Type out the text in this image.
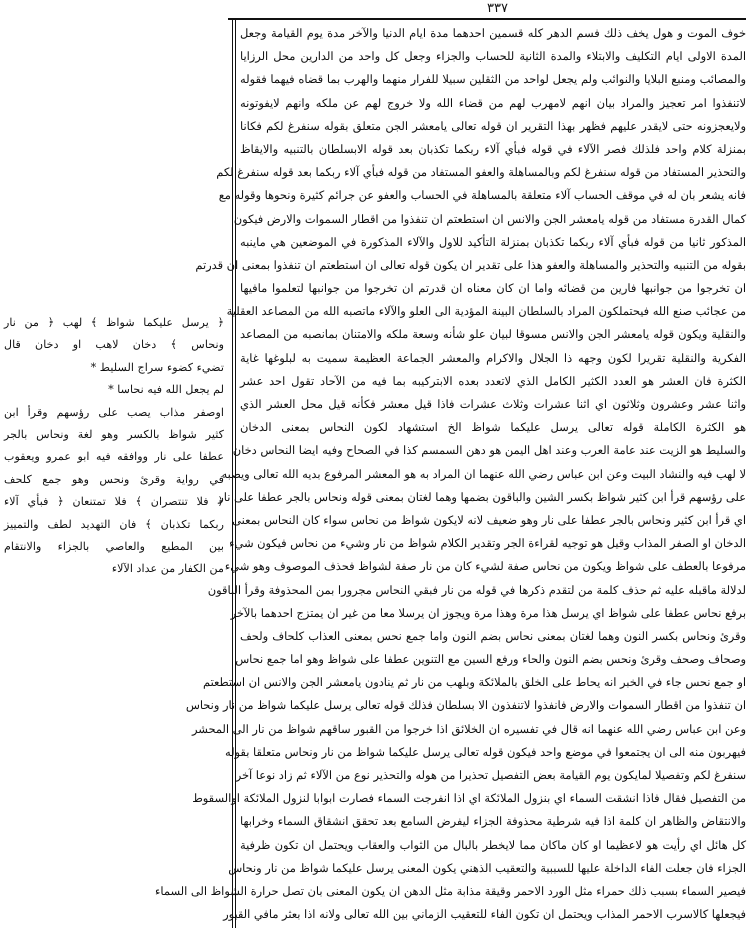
٣٣٧

خوف الموت و هول يخف ذلك فسم الدهر كله قسمين احدهما مدة ايام الدنيا والآخر مدة يوم القيامة وجعل

المدة الاولى ايام التكليف والابتلاء والمدة الثانية للحساب والجزاء وجعل كل واحد من الدارين محل الرزايا

والمصائب ومنبع البلايا والنوائب ولم يجعل لواحد من الثقلين سبيلا للفرار منهما والهرب بما قضاه فيهما فقوله

لاتنفذوا امر تعجيز والمراد بيان انهم لامهرب لهم من قضاء الله ولا خروج لهم عن ملكه وانهم لايفوتونه

ولايعجزونه حتى لايقدر عليهم فظهر بهذا التقرير ان قوله تعالى يامعشر الجن متعلق بقوله سنفرغ لكم فكانا

بمنزلة كلام واحد فلذلك فصر الآلاء في قوله فبأي آلاء ربكما تكذبان بعد قوله الابسلطان بالتنبيه والايقاظ

والتحذير المستفاد من قوله سنفرغ لكم وبالمساهلة والعفو المستفاد من قوله فبأي آلاء ربكما بعد قوله سنفرغ لكم

فانه يشعر بان له في موقف الحساب آلاء متعلقة بالمساهلة في الحساب والعفو عن جرائم كثيرة ونحوها وقوله مع

كمال القدرة مستفاد من قوله يامعشر الجن والانس ان استطعتم ان تنفذوا من اقطار السموات والارض فيكون

المذكور ثانيا من قوله فبأي آلاء ربكما تكذبان بمنزلة التأكيد للاول والآلاء المذكورة في الموضعين هي ماينبه

بقوله من التنبيه والتحذير والمساهلة والعفو هذا على تقدير ان يكون قوله تعالى ان استطعتم ان تنفذوا بمعنى ان قدرتم

ان تخرجوا من جوانبها فارين من قضائه واما ان كان معناه ان قدرتم ان تخرجوا من جوانبها لتعلموا مافيها

من عجائب صنع الله فيحتملكون المراد بالسلطان البينة المؤدية الى العلو والآلاء ماتصبه الله من المصاعد العقلية

والنقلية ويكون قوله يامعشر الجن والانس مسوقا لبيان علو شأنه وسعة ملكه والامتنان بمانصبه من المصاعد

الفكرية والنقلية تقريرا لكون وجهه ذا الجلال والاكرام والمعشر الجماعة العظيمة سميت به لبلوغها غاية

الكثرة فان العشر هو العدد الكثير الكامل الذي لاتعدد بعده الابتركيبه بما فيه من الآحاد تقول احد عشر

واثنا عشر وعشرون وثلاثون اي اثنا عشرات وثلاث عشرات فاذا قيل معشر فكأنه قيل محل العشر الذي

هو الكثرة الكاملة قوله تعالى يرسل عليكما شواظ الخ استشهاد لكون النحاس بمعنى الدخان

والسليط هو الزيت عند عامة العرب وعند اهل اليمن هو دهن السمسم كذا في الصحاح وفيه ايضا النحاس دخان

لا لهب فيه والنشاد البيت وعن ابن عباس رضي الله عنهما ان المراد به هو المعشر المرفوع بديه الله تعالى ويصبه

على رؤسهم قرأ ابن كثير شواظ بكسر الشين والباقون بضمها وهما لغتان بمعنى قوله ونحاس بالجر عطفا على نار

اي قرأ ابن كثير ونحاس بالجر عطفا على نار وهو ضعيف لانه لايكون شواظ من نحاس سواء كان النحاس بمعنى

الدخان او الصفر المذاب وقيل هو توجيه لقراءة الجر وتقدير الكلام شواظ من نار وشيء من نحاس فيكون شيء

مرفوعا بالعطف على شواظ ويكون من نحاس صفة لشيء كان من نار صفة لشواظ فحذف الموصوف وهو شيء

لدلالة ماقبله عليه ثم حذف كلمة من لتقدم ذكرها في قوله من نار فبقي النحاس مجرورا بمن المحذوفة وقرأ الباقون

برفع نحاس عطفا على شواظ اي يرسل هذا مرة وهذا مرة ويجوز ان يرسلا معا من غير ان يمتزج احدهما بالآخر

وقرئ ونحاس بكسر النون وهما لغتان بمعنى نحاس بضم النون واما جمع نحس بمعنى العذاب كلحاف ولحف

وصحاف وصحف وقرئ ونحس بضم النون والحاء ورفع السين مع التنوين عطفا على شواظ وهو اما جمع نحاس

او جمع نحس جاء في الخبر انه يحاط على الخلق بالملائكة وبلهب من نار ثم ينادون يامعشر الجن والانس ان استطعتم

ان تنفذوا من اقطار السموات والارض فانفذوا لاتنفذون الا بسلطان فذلك قوله تعالى يرسل عليكما شواظ من نار ونحاس

وعن ابن عباس رضي الله عنهما انه قال في تفسيره ان الخلائق اذا خرجوا من القبور ساقهم شواظ من نار الى المحشر

فيهربون منه الى ان يجتمعوا في موضع واحد فيكون قوله تعالى يرسل عليكما شواظ من نار ونحاس متعلقا بقوله

سنفرغ لكم وتفصيلا لمايكون يوم القيامة بعض التفصيل تحذيرا من هوله والتحذير نوع من الآلاء ثم زاد نوعا آخر

من التفصيل فقال فاذا انشقت السماء اي بنزول الملائكة اي اذا انفرجت السماء فصارت ابوابا لنزول الملائكة اوالسقوط

والانتقاض والظاهر ان كلمة اذا فيه شرطية محذوفة الجزاء ليفرض السامع بعد تحقق انشقاق السماء وخرابها

كل هائل اي رأيت هو لاعظيما او كان ماكان مما لايخطر بالبال من الثواب والعقاب ويحتمل ان تكون ظرفية

الجزاء فان جعلت الفاء الداخلة عليها للسببية والتعقيب الذهني يكون المعنى يرسل عليكما شواظ من نار ونحاس

فيصير السماء بسبب ذلك حمراء مثل الورد الاحمر وقيقة مذابة مثل الدهن ان يكون المعنى بان تصل حرارة الشواظ الى السماء

فيجعلها كالاسرب الاحمر المذاب ويحتمل ان تكون الفاء للتعقيب الزماني بين الله تعالى ولانه اذا بعثر مافي القبور

﴿ يرسل عليكما شواظ ﴾ لهب ﴿ من نار

ونحاس ﴾ دخان لاهب او دخان قال

تضيء كضوء سراج السليط *

لم يجعل الله فيه نحاسا *

اوصفر مذاب يصب على رؤسهم وقرأ ابن

كثير شواظ بالكسر وهو لغة ونحاس بالجر

عطفا على نار ووافقه فيه ابو عمرو ويعقوب

في رواية وقرئ ونحس وهو جمع كلحف

﴿ فلا تنتصران ﴾ فلا تمتنعان ﴿ فبأي آلاء

ربكما تكذبان ﴾ فان التهديد لطف والتمييز

بين المطيع والعاصي بالجزاء والانتقام

من الكفار من عداد الآلاء
